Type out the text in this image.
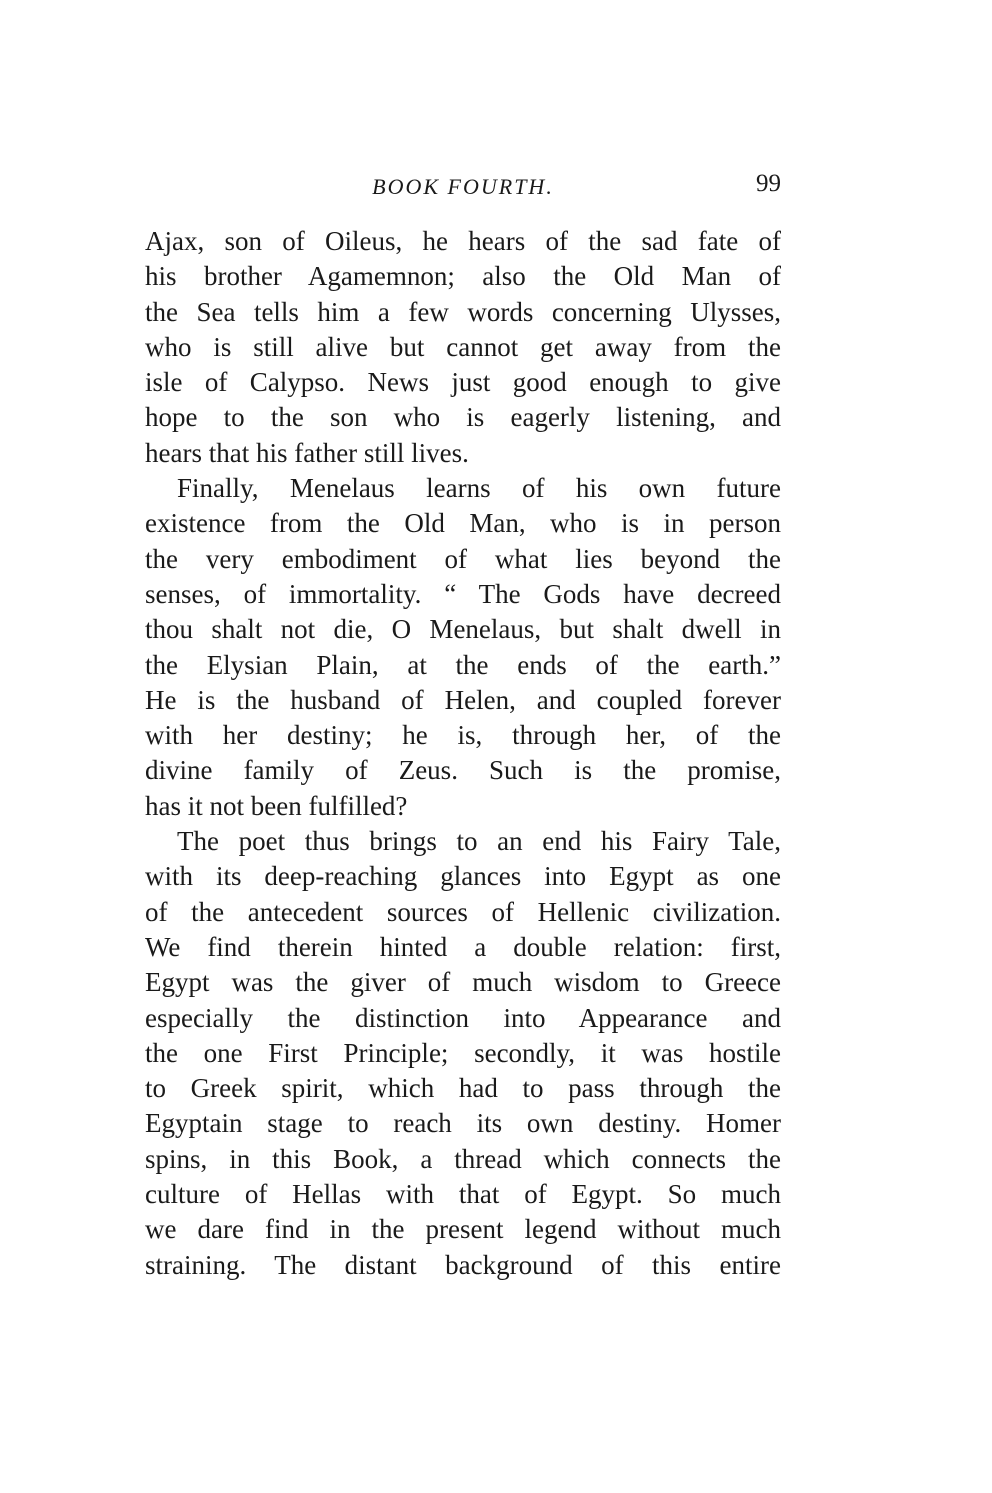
BOOK FOURTH.	99
Ajax, son of Oileus, he hears of the sad fate of
his brother Agamemnon; also the Old Man of
the Sea tells him a few words concerning Ulysses,
who is still alive but cannot get away from the
isle of Calypso. News just good enough to give
hope to the son who is eagerly listening, and
hears that his father still lives.
Finally, Menelaus learns of his own future
existence from the Old Man, who is in person
the very embodiment of what lies beyond the
senses, of immortality. “ The Gods have decreed
thou shalt not die, O Menelaus, but shalt dwell in
the Elysian Plain, at the ends of the earth.”
He is the husband of Helen, and coupled forever
with her destiny; he is, through her, of the
divine family of Zeus. Such is the promise,
has it not been fulfilled?
The poet thus brings to an end his Fairy Tale,
with its deep-reaching glances into Egypt as one
of the antecedent sources of Hellenic civilization.
We find therein hinted a double relation: first,
Egypt was the giver of much wisdom to Greece
especially the distinction into Appearance and
the one First Principle; secondly, it was hostile
to Greek spirit, which had to pass through the
Egyptain stage to reach its own destiny. Homer
spins, in this Book, a thread which connects the
culture of Hellas with that of Egypt. So much
we dare find in the present legend without much
straining. The distant background of this entire
